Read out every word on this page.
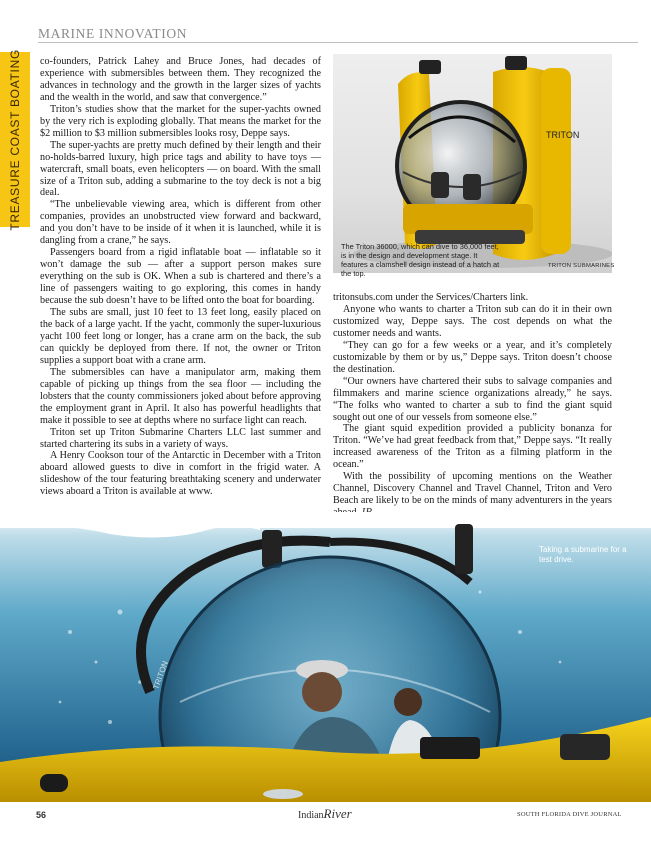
MARINE INNOVATION
TREASURE COAST BOATING co-founders, Patrick Lahey and Bruce Jones, had decades of experience with submersibles between them. They recognized the advances in technology and the growth in the larger sizes of yachts and the wealth in the world, and saw that convergence.”

Triton’s studies show that the market for the super-yachts owned by the very rich is exploding globally. That means the market for the $2 million to $3 million submersibles looks rosy, Deppe says.

The super-yachts are pretty much defined by their length and their no-holds-barred luxury, high price tags and ability to have toys — watercraft, small boats, even helicopters — on board. With the small size of a Triton sub, adding a submarine to the toy deck is not a big deal.

“The unbelievable viewing area, which is different from other companies, provides an unobstructed view forward and backward, and you don’t have to be inside of it when it is launched, while it is dangling from a crane,” he says.

Passengers board from a rigid inflatable boat — inflatable so it won’t damage the sub — after a support person makes sure everything on the sub is OK. When a sub is chartered and there’s a line of passengers waiting to go exploring, this comes in handy because the sub doesn’t have to be lifted onto the boat for boarding.

The subs are small, just 10 feet to 13 feet long, easily placed on the back of a large yacht. If the yacht, commonly the super-luxurious yacht 100 feet long or longer, has a crane arm on the back, the sub can quickly be deployed from there. If not, the owner or Triton supplies a support boat with a crane arm.

The submersibles can have a manipulator arm, making them capable of picking up things from the sea floor — including the lobsters that the county commissioners joked about before approving the employment grant in April. It also has powerful headlights that make it possible to see at depths where no surface light can reach.

Triton set up Triton Submarine Charters LLC last summer and started chartering its subs in a variety of ways.

A Henry Cookson tour of the Antarctic in December with a Triton aboard allowed guests to dive in comfort in the frigid water. A slideshow of the tour featuring breathtaking scenery and underwater views aboard a Triton is available at www.

TRITON
The Triton 36000, which can dive to 36,000 feet, is in the design and development stage. It features a clamshell design instead of a hatch at the top.
TRITON SUBMARINES

tritonsubs.com under the Services/Charters link.

Anyone who wants to charter a Triton sub can do it in their own customized way, Deppe says. The cost depends on what the customer needs and wants.

“They can go for a few weeks or a year, and it’s completely customizable by them or by us,” Deppe says. Triton doesn’t choose the destination.

“Our owners have chartered their subs to salvage companies and filmmakers and marine science organizations already,” he says. “The folks who wanted to charter a sub to find the giant squid sought out one of our vessels from someone else.”

The giant squid expedition provided a publicity bonanza for Triton. “We’ve had great feedback from that,” Deppe says. “It really increased awareness of the Triton as a filming platform in the ocean.”

With the possibility of upcoming mentions on the Weather Channel, Discovery Channel and Travel Channel, Triton and Vero Beach are likely to be on the minds of many adventurers in the years

TRITON
Taking a submarine for a test drive.
56	IndianRiver	SOUTH FLORIDA DIVE JOURNAL
